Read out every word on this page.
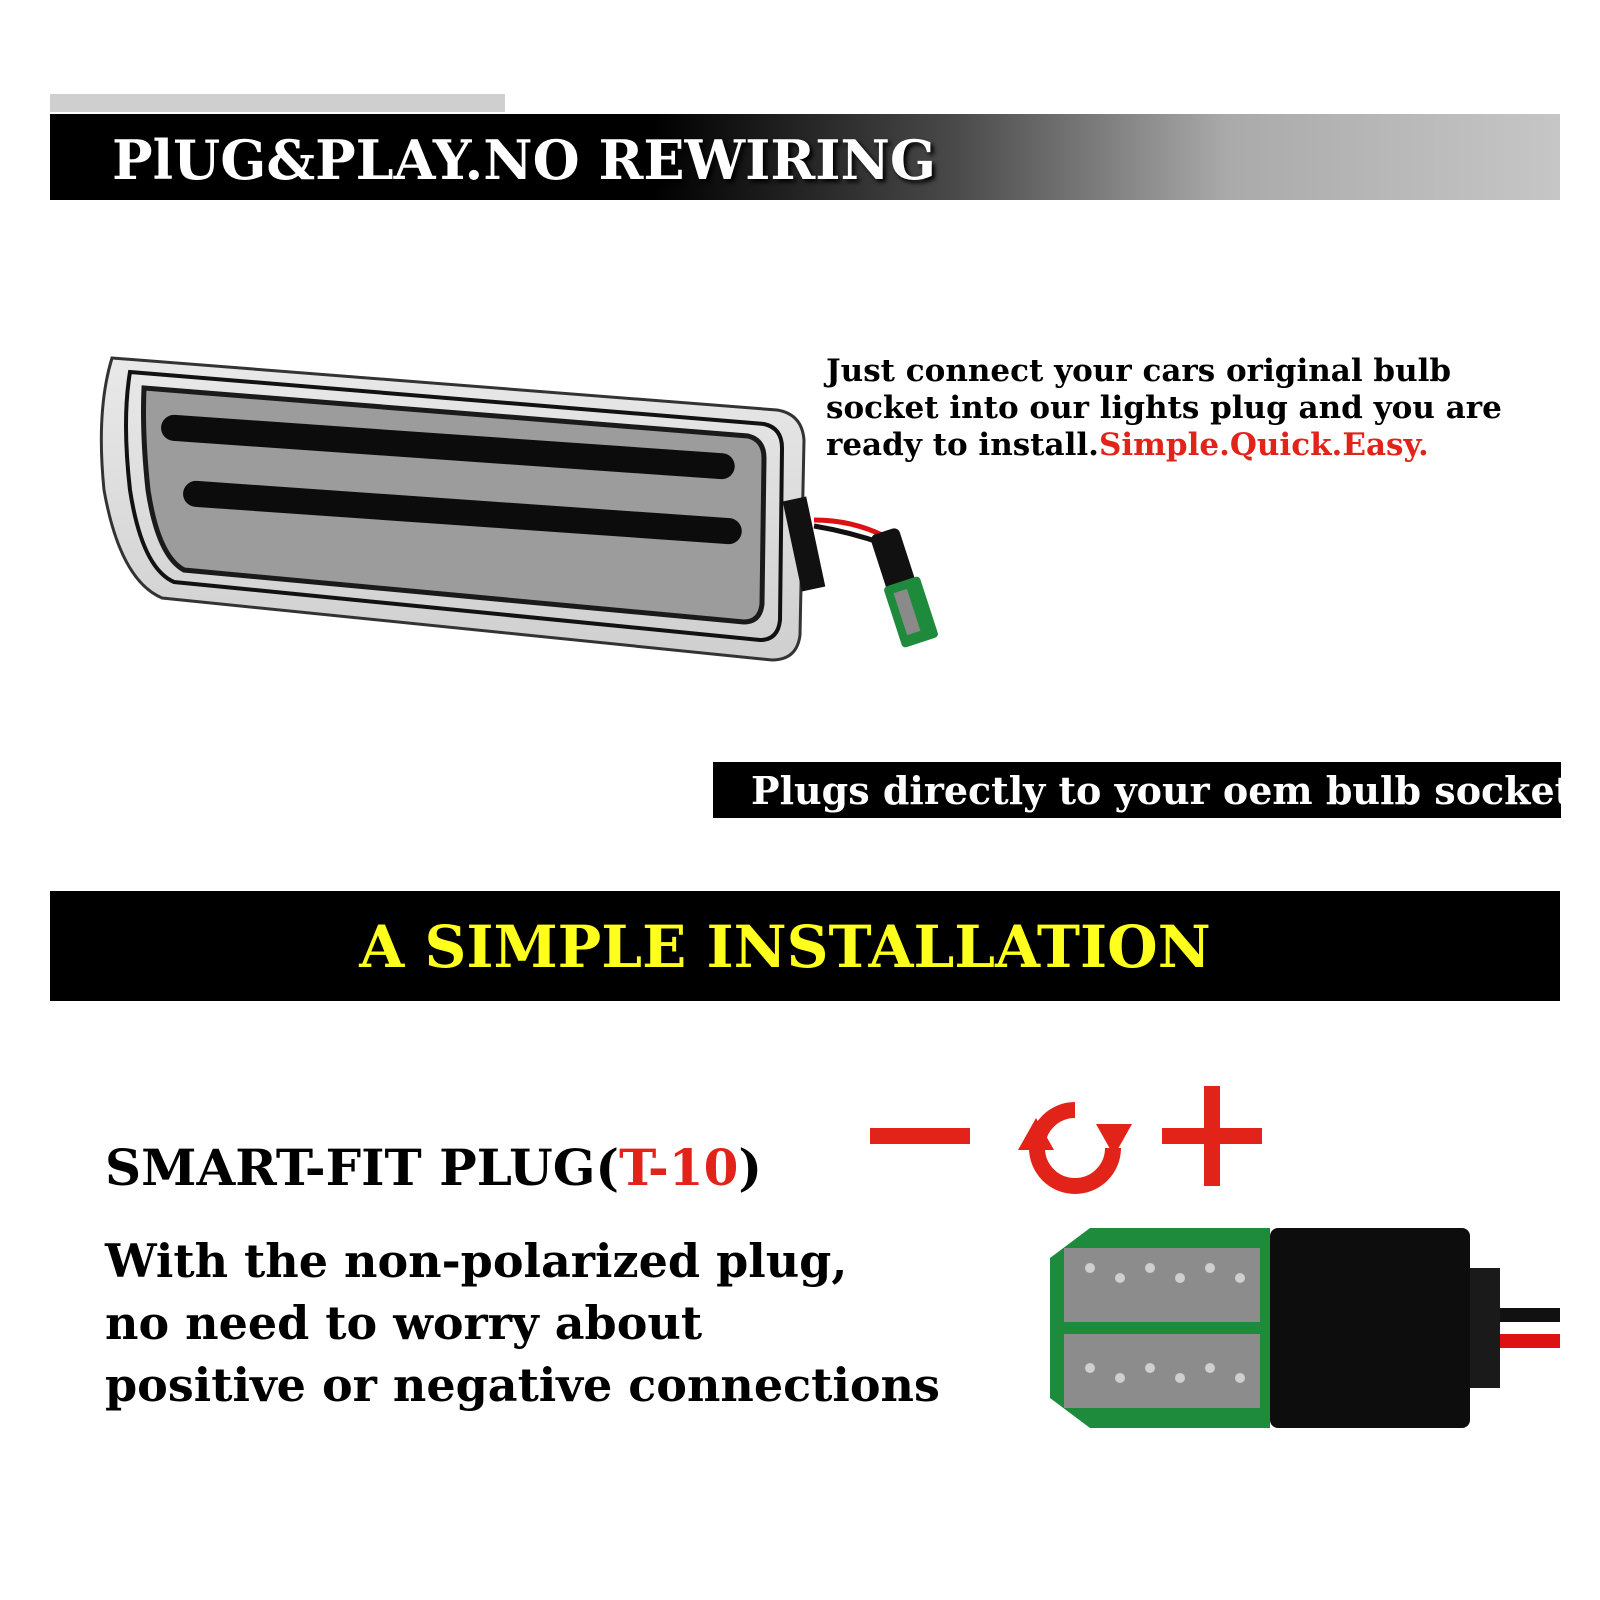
PlUG&PLAY.NO REWIRING

Just connect your cars original bulb socket into our lights plug and you are ready to install.Simple.Quick.Easy.

Plugs directly to your oem bulb socket

A SIMPLE INSTALLATION
SMART-FIT PLUG(T-10)

With the non-polarized plug,
no need to worry about
positive or negative connections
